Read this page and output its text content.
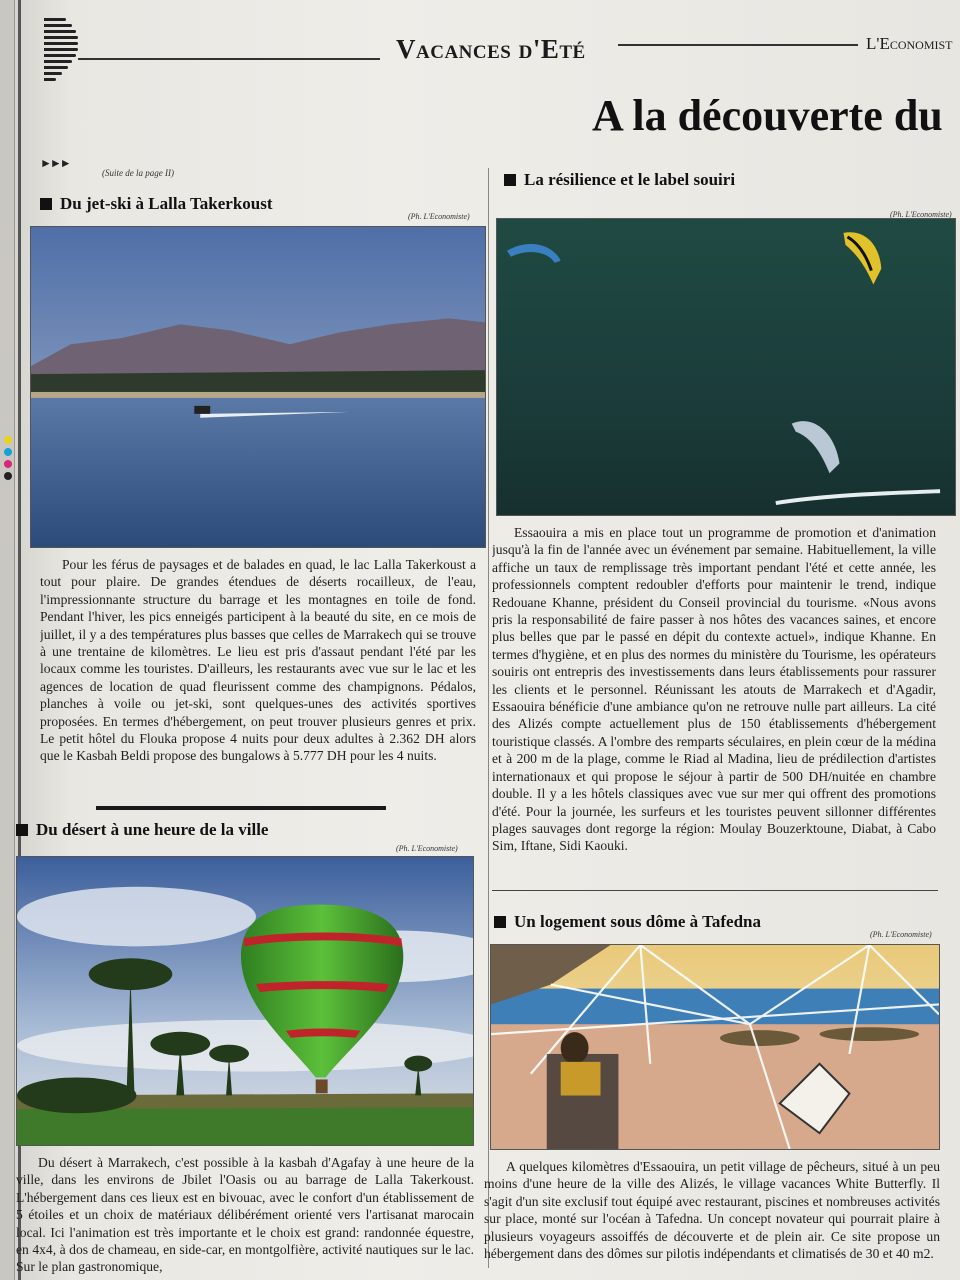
Vacances d'Eté	L'Economist
A la découverte du
►►►
(Suite de la page II)
Du jet-ski à Lalla Takerkoust
(Ph. L'Economiste)
Pour les férus de paysages et de balades en quad, le lac Lalla Takerkoust a tout pour plaire. De grandes étendues de déserts rocailleux, de l'eau, l'impressionnante structure du barrage et les montagnes en toile de fond. Pendant l'hiver, les pics enneigés participent à la beauté du site, en ce mois de juillet, il y a des températures plus basses que celles de Marrakech qui se trouve à une trentaine de kilomètres. Le lieu est pris d'assaut pendant l'été par les locaux comme les touristes. D'ailleurs, les restaurants avec vue sur le lac et les agences de location de quad fleurissent comme des champignons. Pédalos, planches à voile ou jet-ski, sont quelques-unes des activités sportives proposées. En termes d'hébergement, on peut trouver plusieurs genres et prix. Le petit hôtel du Flouka propose 4 nuits pour deux adultes à 2.362 DH alors que le Kasbah Beldi propose des bungalows à 5.777 DH pour les 4 nuits.
Du désert à une heure de la ville
(Ph. L'Economiste)
Du désert à Marrakech, c'est possible à la kasbah d'Agafay à une heure de la ville, dans les environs de Jbilet l'Oasis ou au barrage de Lalla Takerkoust. L'hébergement dans ces lieux est en bivouac, avec le confort d'un établissement de 5 étoiles et un choix de matériaux délibérément orienté vers l'artisanat marocain local. Ici l'animation est très importante et le choix est grand: randonnée équestre, en 4x4, à dos de chameau, en side-car, en montgolfière, activité nautiques sur le lac. Sur le plan gastronomique,
La résilience et le label souiri
(Ph. L'Economiste)
Essaouira a mis en place tout un programme de promotion et d'animation jusqu'à la fin de l'année avec un événement par semaine. Habituellement, la ville affiche un taux de remplissage très important pendant l'été et cette année, les professionnels comptent redoubler d'efforts pour maintenir le trend, indique Redouane Khanne, président du Conseil provincial du tourisme. «Nous avons pris la responsabilité de faire passer à nos hôtes des vacances saines, et encore plus belles que par le passé en dépit du contexte actuel», indique Khanne. En termes d'hygiène, et en plus des normes du ministère du Tourisme, les opérateurs souiris ont entrepris des investissements dans leurs établissements pour rassurer les clients et le personnel. Réunissant les atouts de Marrakech et d'Agadir, Essaouira bénéficie d'une ambiance qu'on ne retrouve nulle part ailleurs. La cité des Alizés compte actuellement plus de 150 établissements d'hébergement touristique classés. A l'ombre des remparts séculaires, en plein cœur de la médina et à 200 m de la plage, comme le Riad al Madina, lieu de prédilection d'artistes internationaux et qui propose le séjour à partir de 500 DH/nuitée en chambre double. Il y a les hôtels classiques avec vue sur mer qui offrent des promotions d'été. Pour la journée, les surfeurs et les touristes peuvent sillonner différentes plages sauvages dont regorge la région: Moulay Bouzerktoune, Diabat, à Cabo Sim, Iftane, Sidi Kaouki.
Un logement sous dôme à Tafedna
(Ph. L'Economiste)
A quelques kilomètres d'Essaouira, un petit village de pêcheurs, situé à un peu moins d'une heure de la ville des Alizés, le village vacances White Butterfly. Il s'agit d'un site exclusif tout équipé avec restaurant, piscines et nombreuses activités sur place, monté sur l'océan à Tafedna. Un concept novateur qui pourrait plaire à plusieurs voyageurs assoiffés de découverte et de plein air. Ce site propose un hébergement dans des dômes sur pilotis indépendants et climatisés de 30 et 40 m2.
